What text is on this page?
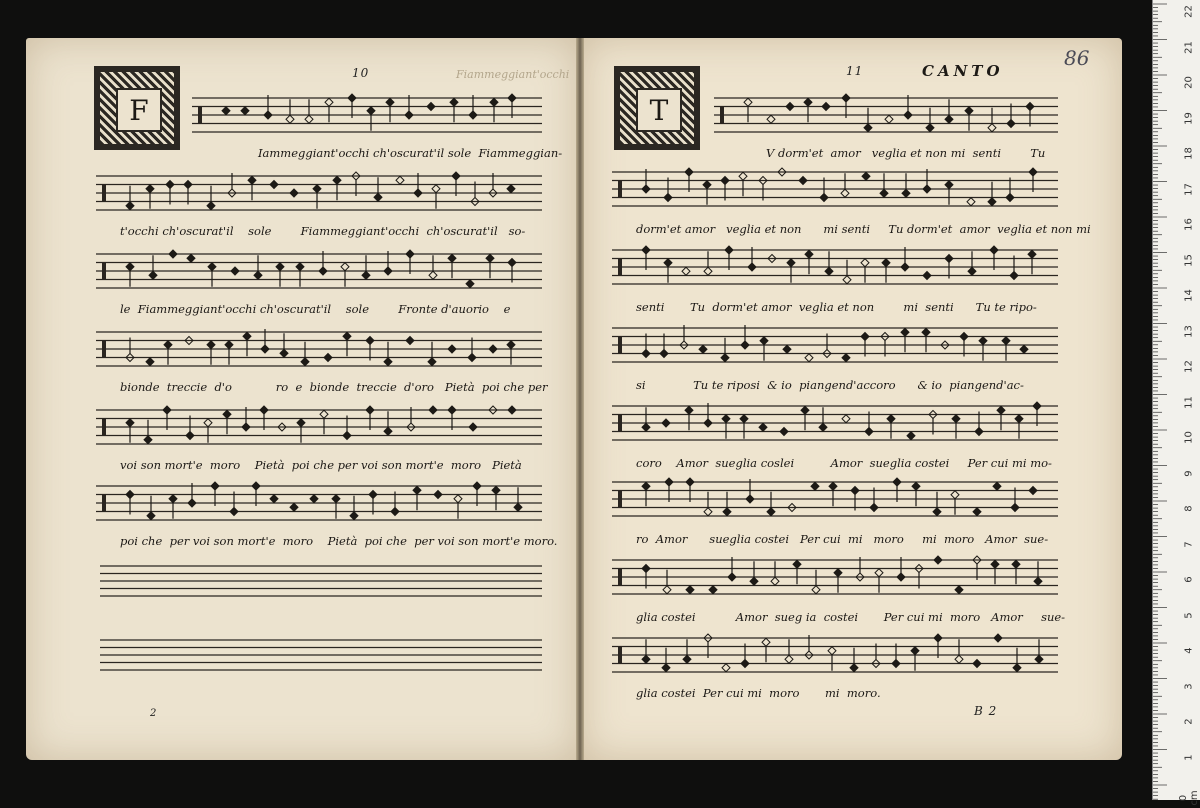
F
10	Fiammeggiant'occhi
Iammeggiant'occhi ch'oscurat'il sole  Fiammeggian-
t'occhi ch'oscurat'il    sole        Fiammeggiant'occhi  ch'oscurat'il   so-
le  Fiammeggiant'occhi ch'oscurat'il    sole        Fronte d'auorio    e
bionde  treccie  d'o            ro  e  bionde  treccie  d'oro   Pietà  poi che per
voi son mort'e  moro    Pietà  poi che per voi son mort'e  moro   Pietà
poi che  per voi son mort'e  moro    Pietà  poi che  per voi son mort'e moro.
2
T
11	CANTO
86
V dorm'et  amor   veglia et non mi  senti        Tu
dorm'et amor   veglia et non      mi senti     Tu dorm'et  amor  veglia et non mi
senti       Tu  dorm'et amor  veglia et non        mi  senti      Tu te ripo-
si             Tu te riposi  & io  piangend'accoro      & io  piangend'ac-
coro    Amor  sueglia coslei          Amor  sueglia costei     Per cui mi mo-
ro  Amor      sueglia costei   Per cui  mi   moro     mi  moro   Amor  sue-
glia costei           Amor  sueg ia  costei       Per cui mi  moro   Amor     sue-
glia costei  Per cui mi  moro       mi  moro.
B 2
22
21
20
19
18
17
16
15
14
13
12
11
10
9
8
7
6
5
4
3
2
1
0 cm
